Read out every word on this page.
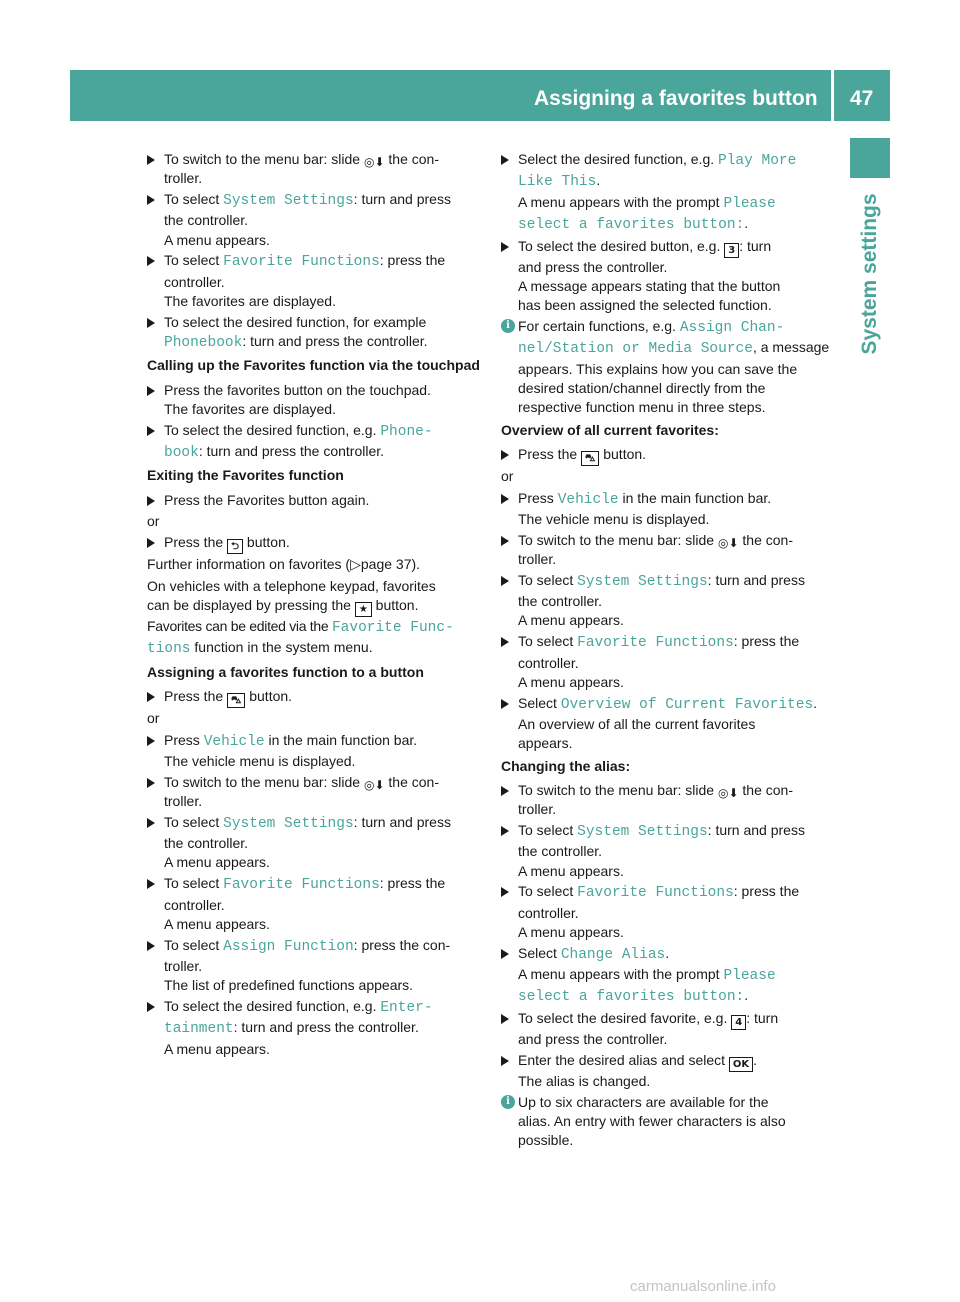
Assigning a favorites button 47
System settings
To switch to the menu bar: slide ◎⬇ the con-
troller.
To select System Settings: turn and press
the controller.
A menu appears.
To select Favorite Functions: press the
controller.
The favorites are displayed.
To select the desired function, for example
Phonebook: turn and press the controller.
Calling up the Favorites function via the touchpad
Press the favorites button on the touchpad.
The favorites are displayed.
To select the desired function, e.g. Phone‑
book: turn and press the controller.
Exiting the Favorites function
Press the Favorites button again.
or
Press the ⮌ button.
Further information on favorites (▷page 37).
On vehicles with a telephone keypad, favorites
can be displayed by pressing the ★ button.
Favorites can be edited via the Favorite Func‑
tions function in the system menu.
Assigning a favorites function to a button
Press the ⛍ button.
or
Press Vehicle in the main function bar.
The vehicle menu is displayed.
To switch to the menu bar: slide ◎⬇ the con-
troller.
To select System Settings: turn and press
the controller.
A menu appears.
To select Favorite Functions: press the
controller.
A menu appears.
To select Assign Function: press the con-
troller.
The list of predefined functions appears.
To select the desired function, e.g. Enter‑
tainment: turn and press the controller.
A menu appears.
Select the desired function, e.g. Play More
Like This.
A menu appears with the prompt Please
select a favorites button:.
To select the desired button, e.g. 3 : turn
and press the controller.
A message appears stating that the button
has been assigned the selected function.
i For certain functions, e.g. Assign Chan‑
nel/Station or Media Source, a message
appears. This explains how you can save the
desired station/channel directly from the
respective function menu in three steps.
Overview of all current favorites:
Press the ⛍ button.
or
Press Vehicle in the main function bar.
The vehicle menu is displayed.
To switch to the menu bar: slide ◎⬇ the con-
troller.
To select System Settings: turn and press
the controller.
A menu appears.
To select Favorite Functions: press the
controller.
A menu appears.
Select Overview of Current Favorites.
An overview of all the current favorites
appears.
Changing the alias:
To switch to the menu bar: slide ◎⬇ the con-
troller.
To select System Settings: turn and press
the controller.
A menu appears.
To select Favorite Functions: press the
controller.
A menu appears.
Select Change Alias.
A menu appears with the prompt Please
select a favorites button:.
To select the desired favorite, e.g. 4 : turn
and press the controller.
Enter the desired alias and select OK .
The alias is changed.
i Up to six characters are available for the
alias. An entry with fewer characters is also
possible.
carmanualsonline.info
